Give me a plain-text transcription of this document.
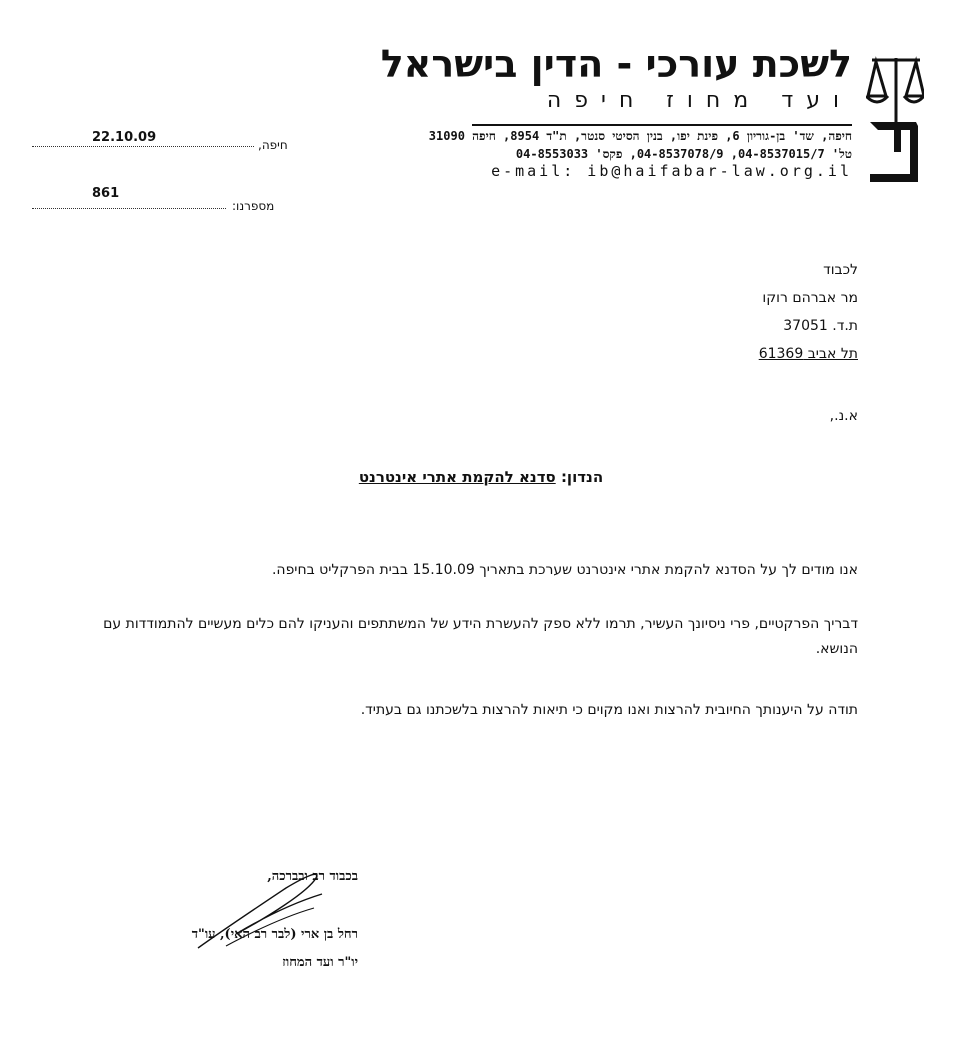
לשכת עורכי - הדין בישראל
ועד מחוז חיפה
חיפה, שד' בן-גוריון 6, פינת יפו, בנין הסיטי סנטר, ת"ד 8954, חיפה 31090
טל' 04-8537015/7, 04-8537078/9, פקס' 04-8553033
e-mail: ib@haifabar-law.org.il
22.10.09	חיפה,
861
מספרנו:
לכבוד
מר אברהם רוקו
ת.ד. 37051
תל אביב 61369
א.נ.,
הנדון: סדנא להקמת אתרי אינטרנט
אנו מודים לך על הסדנא להקמת אתרי אינטרנט שערכת בתאריך 15.10.09 בבית הפרקליט בחיפה.
דבריך הפרקטיים, פרי ניסיונך העשיר, תרמו ללא ספק להעשרת הידע של המשתתפים והעניקו להם כלים מעשיים להתמודדות עם הנושא.
תודה על היענותך החיובית להרצות ואנו מקוים כי תיאות להרצות בלשכתנו גם בעתיד.
בכבוד רב ובברכה,
רחל בן ארי (לבר רב האי), עו"ד
יו"ר ועד המחוז
